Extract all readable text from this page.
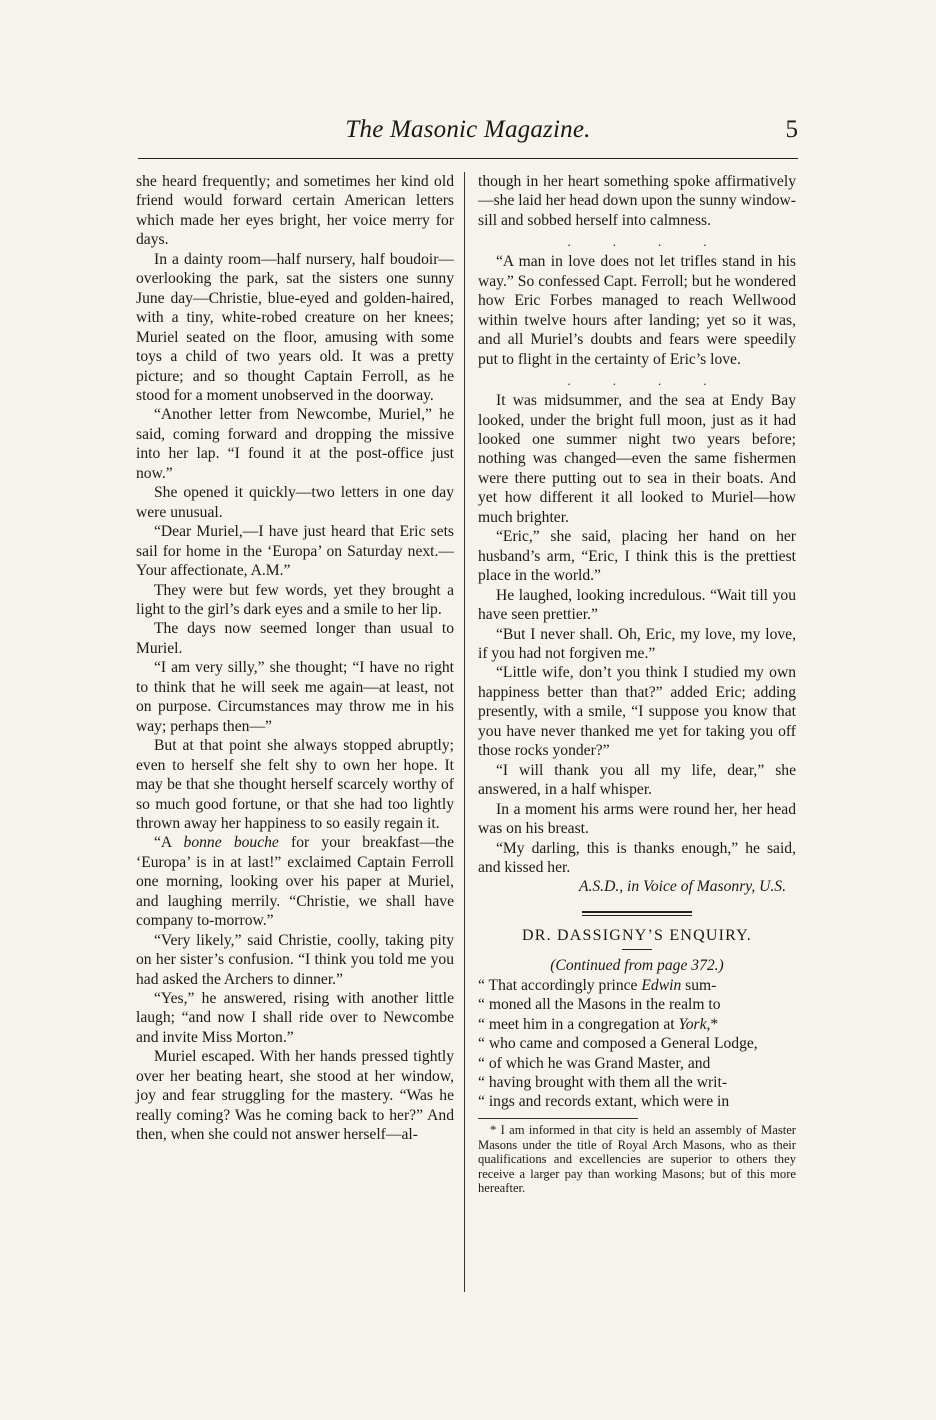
The Masonic Magazine.	5

she heard frequently; and sometimes her kind old friend would forward certain American letters which made her eyes bright, her voice merry for days.

In a dainty room—half nursery, half boudoir—overlooking the park, sat the sisters one sunny June day—Christie, blue-eyed and golden-haired, with a tiny, white-robed creature on her knees; Muriel seated on the floor, amusing with some toys a child of two years old. It was a pretty picture; and so thought Captain Ferroll, as he stood for a moment unobserved in the doorway.

“Another letter from Newcombe, Muriel,” he said, coming forward and dropping the missive into her lap. “I found it at the post-office just now.”

She opened it quickly—two letters in one day were unusual.

“Dear Muriel,—I have just heard that Eric sets sail for home in the ‘Europa’ on Saturday next.—Your affectionate, A.M.”

They were but few words, yet they brought a light to the girl’s dark eyes and a smile to her lip.

The days now seemed longer than usual to Muriel.

“I am very silly,” she thought; “I have no right to think that he will seek me again—at least, not on purpose. Circumstances may throw me in his way; perhaps then—”

But at that point she always stopped abruptly; even to herself she felt shy to own her hope. It may be that she thought herself scarcely worthy of so much good fortune, or that she had too lightly thrown away her happiness to so easily regain it.

“A bonne bouche for your breakfast—the ‘Europa’ is in at last!” exclaimed Captain Ferroll one morning, looking over his paper at Muriel, and laughing merrily. “Christie, we shall have company to-morrow.”

“Very likely,” said Christie, coolly, taking pity on her sister’s confusion. “I think you told me you had asked the Archers to dinner.”

“Yes,” he answered, rising with another little laugh; “and now I shall ride over to Newcombe and invite Miss Morton.”

Muriel escaped. With her hands pressed tightly over her beating heart, she stood at her window, joy and fear struggling for the mastery. “Was he really coming? Was he coming back to her?” And then, when she could not answer herself—al-

though in her heart something spoke affirmatively—she laid her head down upon the sunny window-sill and sobbed herself into calmness.

.	.	.	.

“A man in love does not let trifles stand in his way.” So confessed Capt. Ferroll; but he wondered how Eric Forbes managed to reach Wellwood within twelve hours after landing; yet so it was, and all Muriel’s doubts and fears were speedily put to flight in the certainty of Eric’s love.

.	.	.	.

It was midsummer, and the sea at Endy Bay looked, under the bright full moon, just as it had looked one summer night two years before; nothing was changed—even the same fishermen were there putting out to sea in their boats. And yet how different it all looked to Muriel—how much brighter.

“Eric,” she said, placing her hand on her husband’s arm, “Eric, I think this is the prettiest place in the world.”

He laughed, looking incredulous. “Wait till you have seen prettier.”

“But I never shall. Oh, Eric, my love, my love, if you had not forgiven me.”

“Little wife, don’t you think I studied my own happiness better than that?” added Eric; adding presently, with a smile, “I suppose you know that you have never thanked me yet for taking you off those rocks yonder?”

“I will thank you all my life, dear,” she answered, in a half whisper.

In a moment his arms were round her, her head was on his breast.

“My darling, this is thanks enough,” he said, and kissed her.

A.S.D., in Voice of Masonry, U.S.

DR. DASSIGNY’S ENQUIRY.

(Continued from page 372.)

“ That accordingly prince Edwin sum-

“ moned all the Masons in the realm to

“ meet him in a congregation at York,*

“ who came and composed a General Lodge,

“ of which he was Grand Master, and

“ having brought with them all the writ-

“ ings and records extant, which were in

* I am informed in that city is held an assembly of Master Masons under the title of Royal Arch Masons, who as their qualifications and excellencies are superior to others they receive a larger pay than working Masons; but of this more hereafter.
